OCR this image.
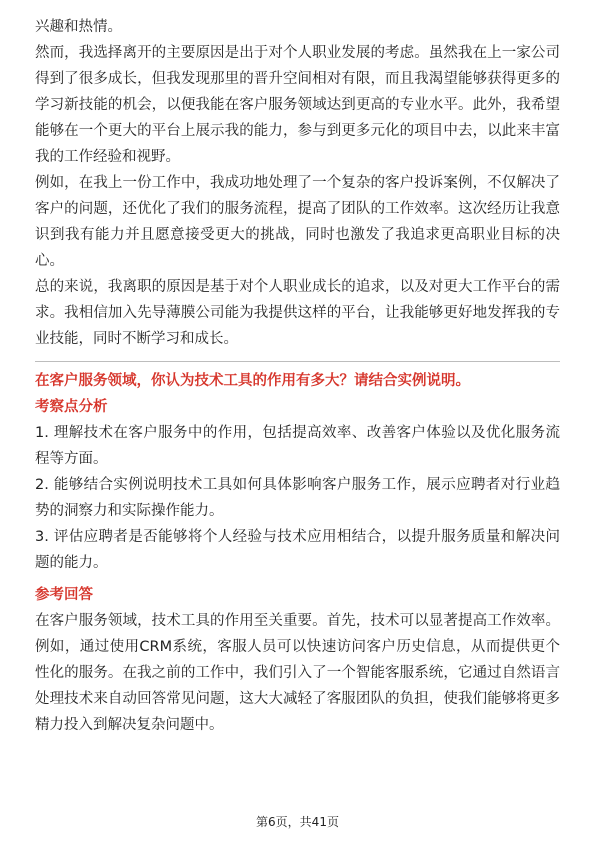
兴趣和热情。

然而，我选择离开的主要原因是出于对个人职业发展的考虑。虽然我在上一家公司得到了很多成长，但我发现那里的晋升空间相对有限，而且我渴望能够获得更多的学习新技能的机会，以便我能在客户服务领域达到更高的专业水平。此外，我希望能够在一个更大的平台上展示我的能力，参与到更多元化的项目中去，以此来丰富我的工作经验和视野。

例如，在我上一份工作中，我成功地处理了一个复杂的客户投诉案例，不仅解决了客户的问题，还优化了我们的服务流程，提高了团队的工作效率。这次经历让我意识到我有能力并且愿意接受更大的挑战，同时也激发了我追求更高职业目标的决心。

总的来说，我离职的原因是基于对个人职业成长的追求，以及对更大工作平台的需求。我相信加入先导薄膜公司能为我提供这样的平台，让我能够更好地发挥我的专业技能，同时不断学习和成长。

在客户服务领域，你认为技术工具的作用有多大？请结合实例说明。

考察点分析

1. 理解技术在客户服务中的作用，包括提高效率、改善客户体验以及优化服务流程等方面。

2. 能够结合实例说明技术工具如何具体影响客户服务工作，展示应聘者对行业趋势的洞察力和实际操作能力。

3. 评估应聘者是否能够将个人经验与技术应用相结合，以提升服务质量和解决问题的能力。

参考回答

在客户服务领域，技术工具的作用至关重要。首先，技术可以显著提高工作效率。例如，通过使用CRM系统，客服人员可以快速访问客户历史信息，从而提供更个性化的服务。在我之前的工作中，我们引入了一个智能客服系统，它通过自然语言处理技术来自动回答常见问题，这大大减轻了客服团队的负担，使我们能够将更多精力投入到解决复杂问题中。

第6页，共41页
